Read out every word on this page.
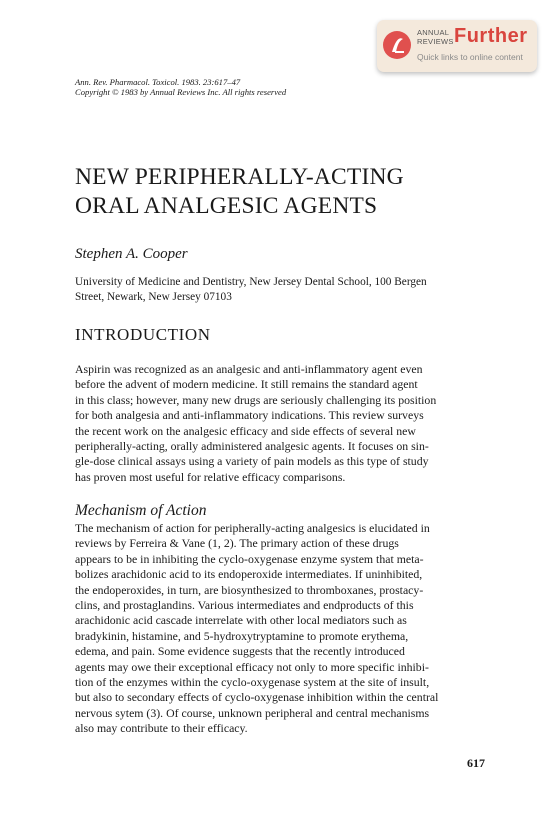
ANNUAL
REVIEWS Further
Quick links to online content
Ann. Rev. Pharmacol. Toxicol. 1983. 23:617–47
Copyright © 1983 by Annual Reviews Inc. All rights reserved
NEW PERIPHERALLY-ACTING
ORAL ANALGESIC AGENTS
Stephen A. Cooper
University of Medicine and Dentistry, New Jersey Dental School, 100 Bergen
Street, Newark, New Jersey 07103
INTRODUCTION
Aspirin was recognized as an analgesic and anti-inflammatory agent even
before the advent of modern medicine. It still remains the standard agent
in this class; however, many new drugs are seriously challenging its position
for both analgesia and anti-inflammatory indications. This review surveys
the recent work on the analgesic efficacy and side effects of several new
peripherally-acting, orally administered analgesic agents. It focuses on sin-
gle-dose clinical assays using a variety of pain models as this type of study
has proven most useful for relative efficacy comparisons.
Mechanism of Action
The mechanism of action for peripherally-acting analgesics is elucidated in
reviews by Ferreira & Vane (1, 2). The primary action of these drugs
appears to be in inhibiting the cyclo-oxygenase enzyme system that meta-
bolizes arachidonic acid to its endoperoxide intermediates. If uninhibited,
the endoperoxides, in turn, are biosynthesized to thromboxanes, prostacy-
clins, and prostaglandins. Various intermediates and endproducts of this
arachidonic acid cascade interrelate with other local mediators such as
bradykinin, histamine, and 5-hydroxytryptamine to promote erythema,
edema, and pain. Some evidence suggests that the recently introduced
agents may owe their exceptional efficacy not only to more specific inhibi-
tion of the enzymes within the cyclo-oxygenase system at the site of insult,
but also to secondary effects of cyclo-oxygenase inhibition within the central
nervous sytem (3). Of course, unknown peripheral and central mechanisms
also may contribute to their efficacy.
617
